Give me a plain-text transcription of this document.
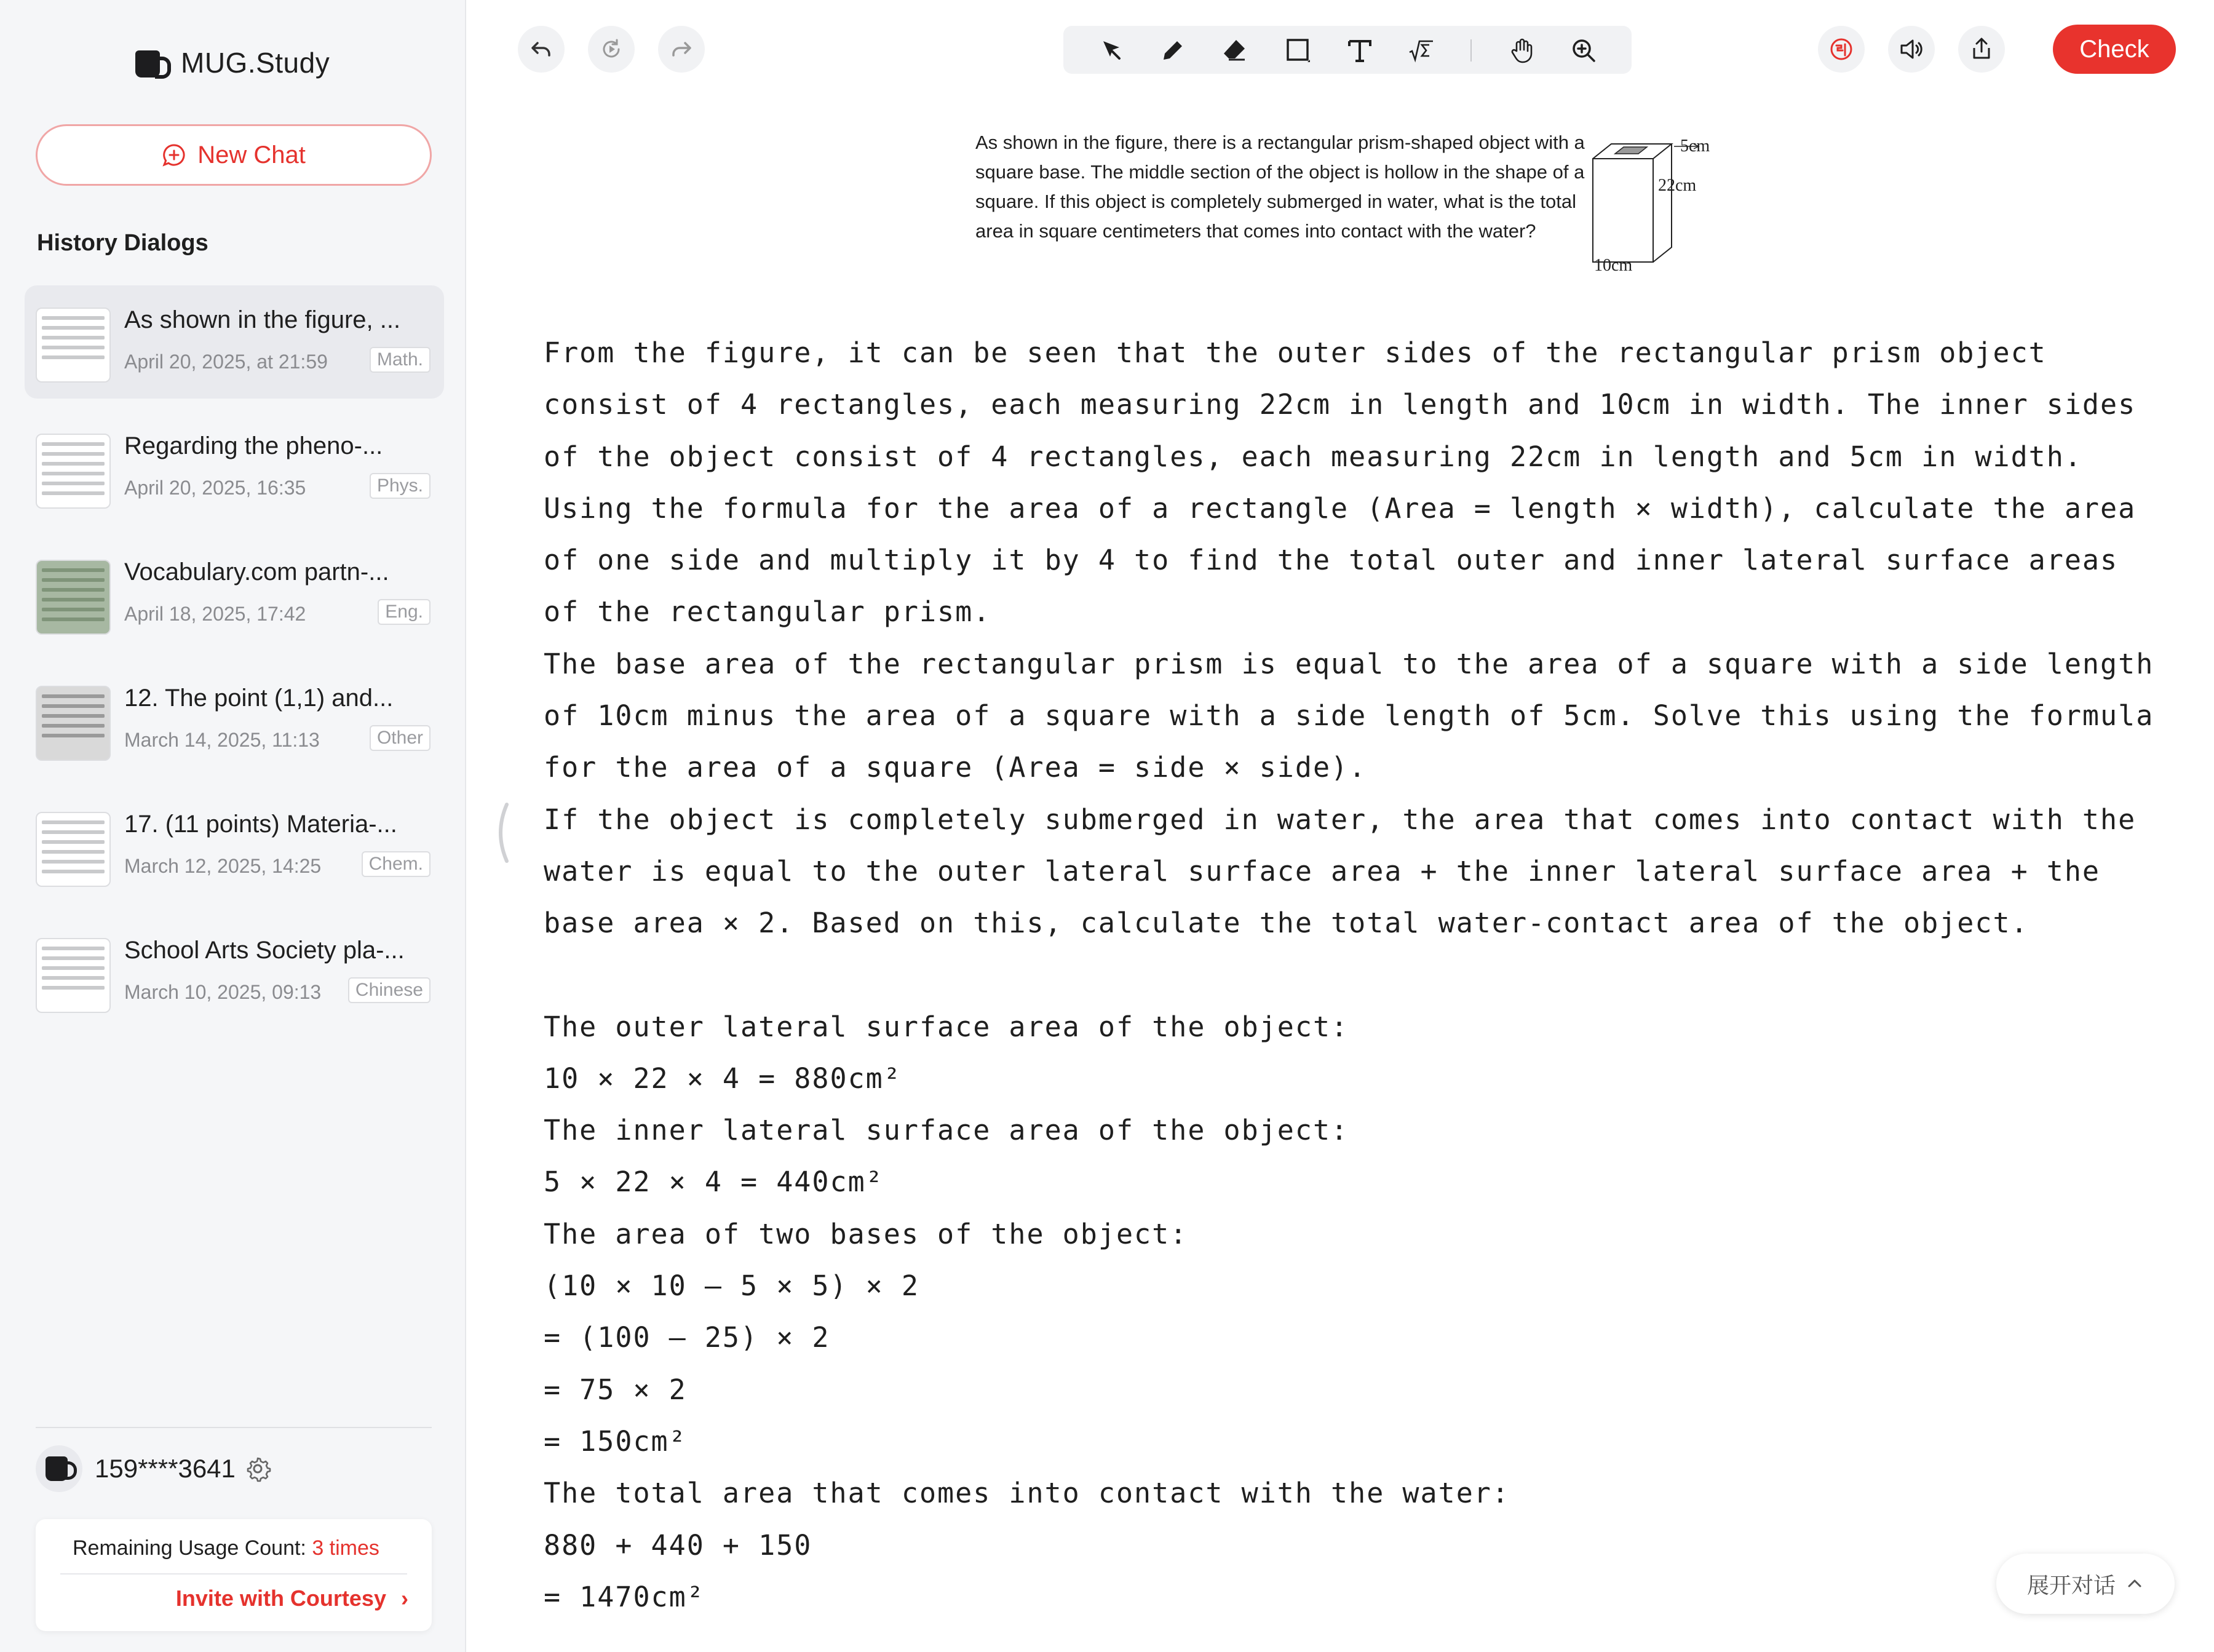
MUG.Study
New Chat
History Dialogs
As shown in the figure, ...
April 20, 2025, at 21:59	Math.
Regarding the pheno-...
April 20, 2025, 16:35	Phys.
Vocabulary.com partn-...
April 18, 2025, 17:42	Eng.
12. The point (1,1) and...
March 14, 2025, 11:13	Other
17. (11 points) Materia-...
March 12, 2025, 14:25	Chem.
School Arts Society pla-...
March 10, 2025, 09:13	Chinese
159****3641
Remaining Usage Count: 3 times
Invite with Courtesy ›
Check
As shown in the figure, there is a rectangular prism-shaped object with a square base. The middle section of the object is hollow in the shape of a square. If this object is completely submerged in water, what is the total area in square centimeters that comes into contact with the water?
5cm
22cm
10cm

From the figure, it can be seen that the outer sides of the rectangular prism object consist of 4 rectangles, each measuring 22cm in length and 10cm in width. The inner sides of the object consist of 4 rectangles, each measuring 22cm in length and 5cm in width. Using the formula for the area of a rectangle (Area = length × width), calculate the area of one side and multiply it by 4 to find the total outer and inner lateral surface areas of the rectangular prism.

The base area of the rectangular prism is equal to the area of a square with a side length of 10cm minus the area of a square with a side length of 5cm. Solve this using the formula for the area of a square (Area = side × side).

If the object is completely submerged in water, the area that comes into contact with the water is equal to the outer lateral surface area + the inner lateral surface area + the base area × 2. Based on this, calculate the total water-contact area of the object.

The outer lateral surface area of the object:

10 × 22 × 4 = 880cm²

The inner lateral surface area of the object:

5 × 22 × 4 = 440cm²

The area of two bases of the object:

(10 × 10 — 5 × 5) × 2

= (100 — 25) × 2

= 75 × 2

= 150cm²

The total area that comes into contact with the water:

880 + 440 + 150

= 1470cm²	展开对话
